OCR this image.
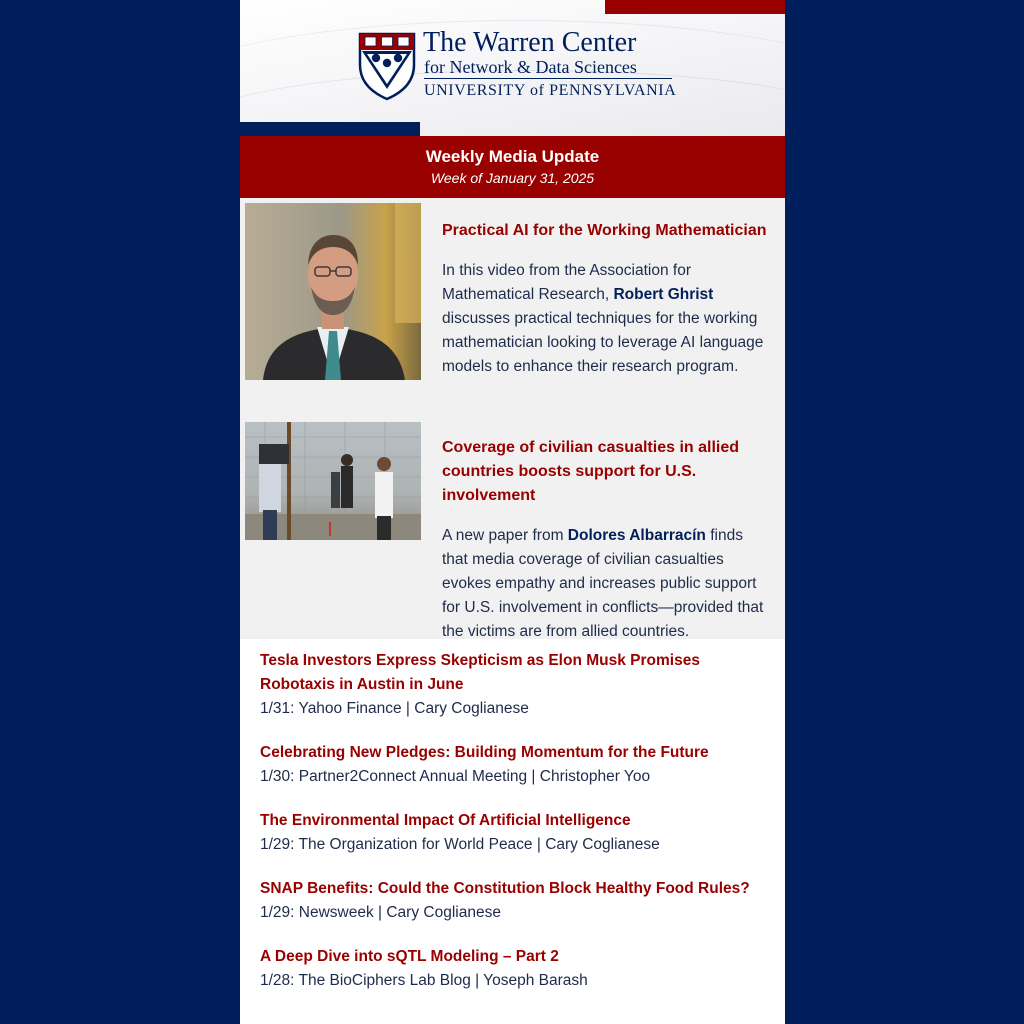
The Warren Center
for Network & Data Sciences
UNIVERSITY of PENNSYLVANIA
Weekly Media Update
Week of January 31, 2025
Practical AI for the Working Mathematician

In this video from the Association for Mathematical Research, Robert Ghrist discusses practical techniques for the working mathematician looking to leverage AI language models to enhance their research program.

Coverage of civilian casualties in allied countries boosts support for U.S. involvement

A new paper from Dolores Albarracín finds that media coverage of civilian casualties evokes empathy and increases public support for U.S. involvement in conflicts—provided that the victims are from allied countries.

Tesla Investors Express Skepticism as Elon Musk Promises Robotaxis in Austin in June
1/31: Yahoo Finance | Cary Coglianese
Celebrating New Pledges: Building Momentum for the Future
1/30: Partner2Connect Annual Meeting | Christopher Yoo
The Environmental Impact Of Artificial Intelligence
1/29: The Organization for World Peace | Cary Coglianese
SNAP Benefits: Could the Constitution Block Healthy Food Rules?
1/29: Newsweek | Cary Coglianese
A Deep Dive into sQTL Modeling – Part 2
1/28: The BioCiphers Lab Blog | Yoseph Barash
